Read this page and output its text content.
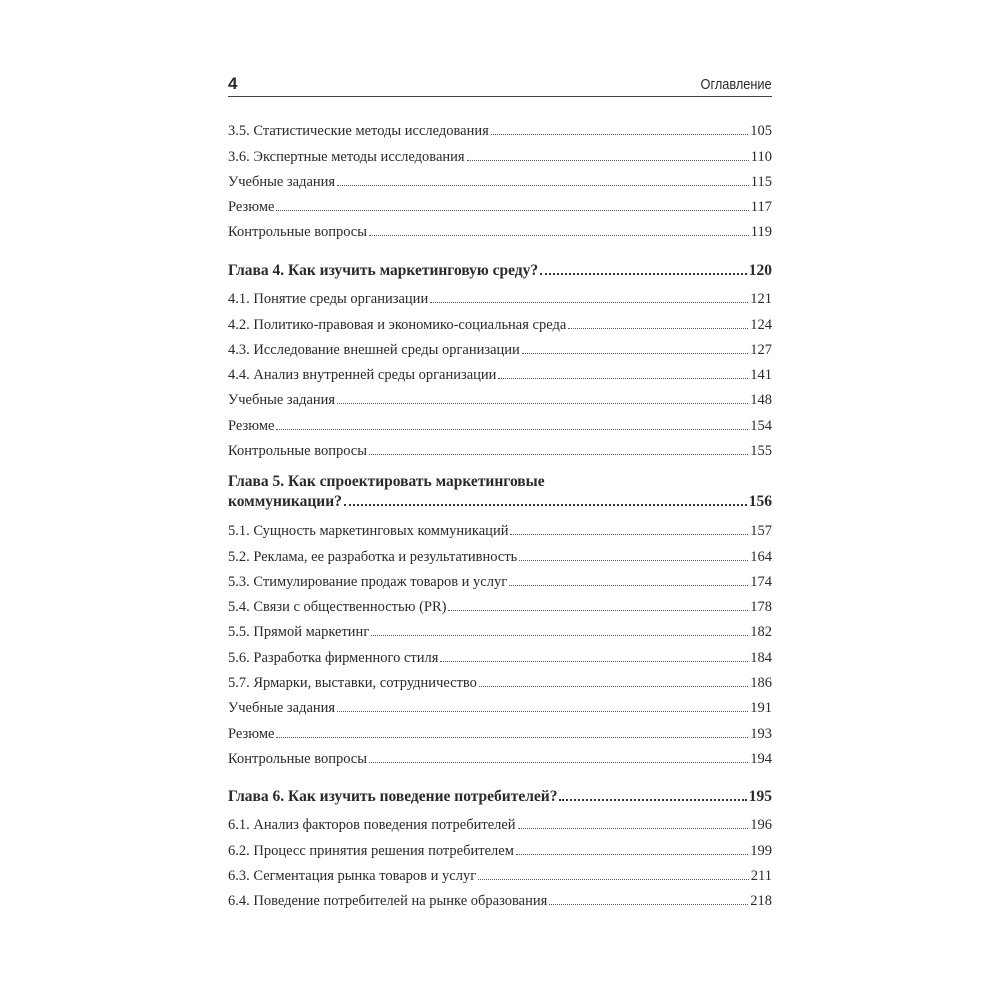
4	Оглавление
3.5. Статистические методы исследования	105
3.6. Экспертные методы исследования	110
Учебные задания	115
Резюме	117
Контрольные вопросы	119
Глава 4. Как изучить маркетинговую среду?	120
4.1. Понятие среды организации	121
4.2. Политико-правовая и экономико-социальная среда	124
4.3. Исследование внешней среды организации	127
4.4. Анализ внутренней среды организации	141
Учебные задания	148
Резюме	154
Контрольные вопросы	155
Глава 5. Как спроектировать маркетинговые
коммуникации?	156
5.1. Сущность маркетинговых коммуникаций	157
5.2. Реклама, ее разработка и результативность	164
5.3. Стимулирование продаж товаров и услуг	174
5.4. Связи с общественностью (PR)	178
5.5. Прямой маркетинг	182
5.6. Разработка фирменного стиля	184
5.7. Ярмарки, выставки, сотрудничество	186
Учебные задания	191
Резюме	193
Контрольные вопросы	194
Глава 6. Как изучить поведение потребителей?	195
6.1. Анализ факторов поведения потребителей	196
6.2. Процесс принятия решения потребителем	199
6.3. Сегментация рынка товаров и услуг	211
6.4. Поведение потребителей на рынке образования	218
